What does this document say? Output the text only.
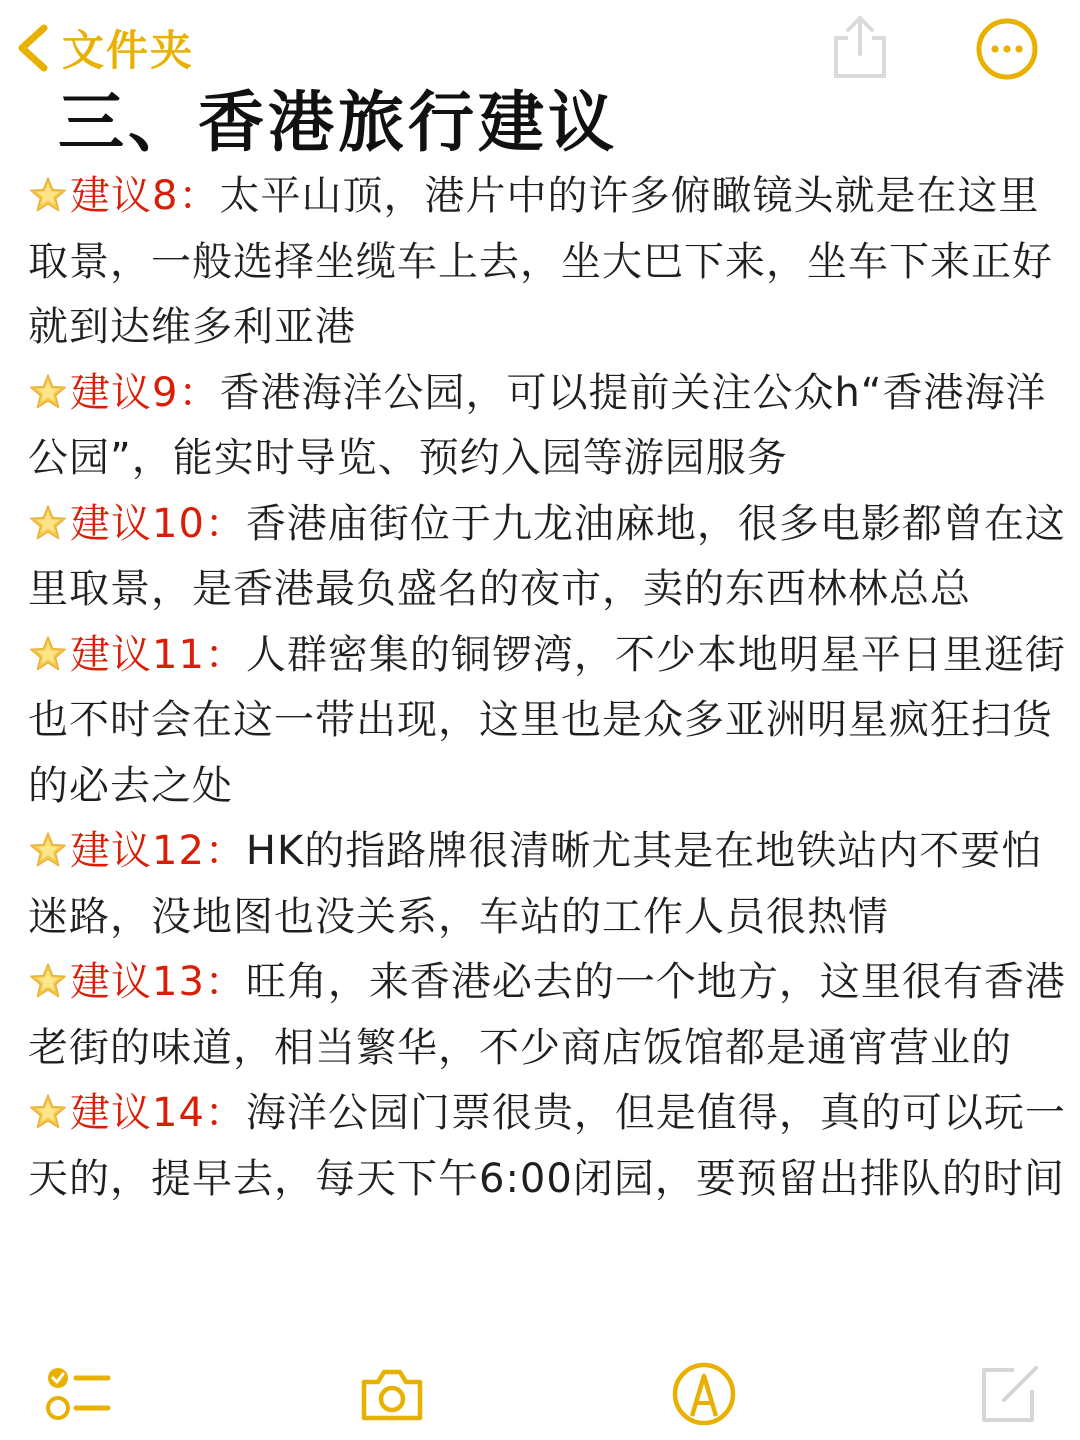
文件夹
三、香港旅行建议
建议8：太平山顶，港片中的许多俯瞰镜头就是在这里取景，一般选择坐缆车上去，坐大巴下来，坐车下来正好就到达维多利亚港
建议9：香港海洋公园，可以提前关注公众h“香港海洋公园”，能实时导览、预约入园等游园服务
建议10：香港庙街位于九龙油麻地，很多电影都曾在这里取景，是香港最负盛名的夜市，卖的东西林林总总
建议11：人群密集的铜锣湾，不少本地明星平日里逛街也不时会在这一带出现，这里也是众多亚洲明星疯狂扫货的必去之处
建议12：HK的指路牌很清晰尤其是在地铁站内不要怕迷路，没地图也没关系，车站的工作人员很热情
建议13：旺角，来香港必去的一个地方，这里很有香港老街的味道，相当繁华，不少商店饭馆都是通宵营业的
建议14：海洋公园门票很贵，但是值得，真的可以玩一天的，提早去，每天下午6:00闭园，要预留出排队的时间
